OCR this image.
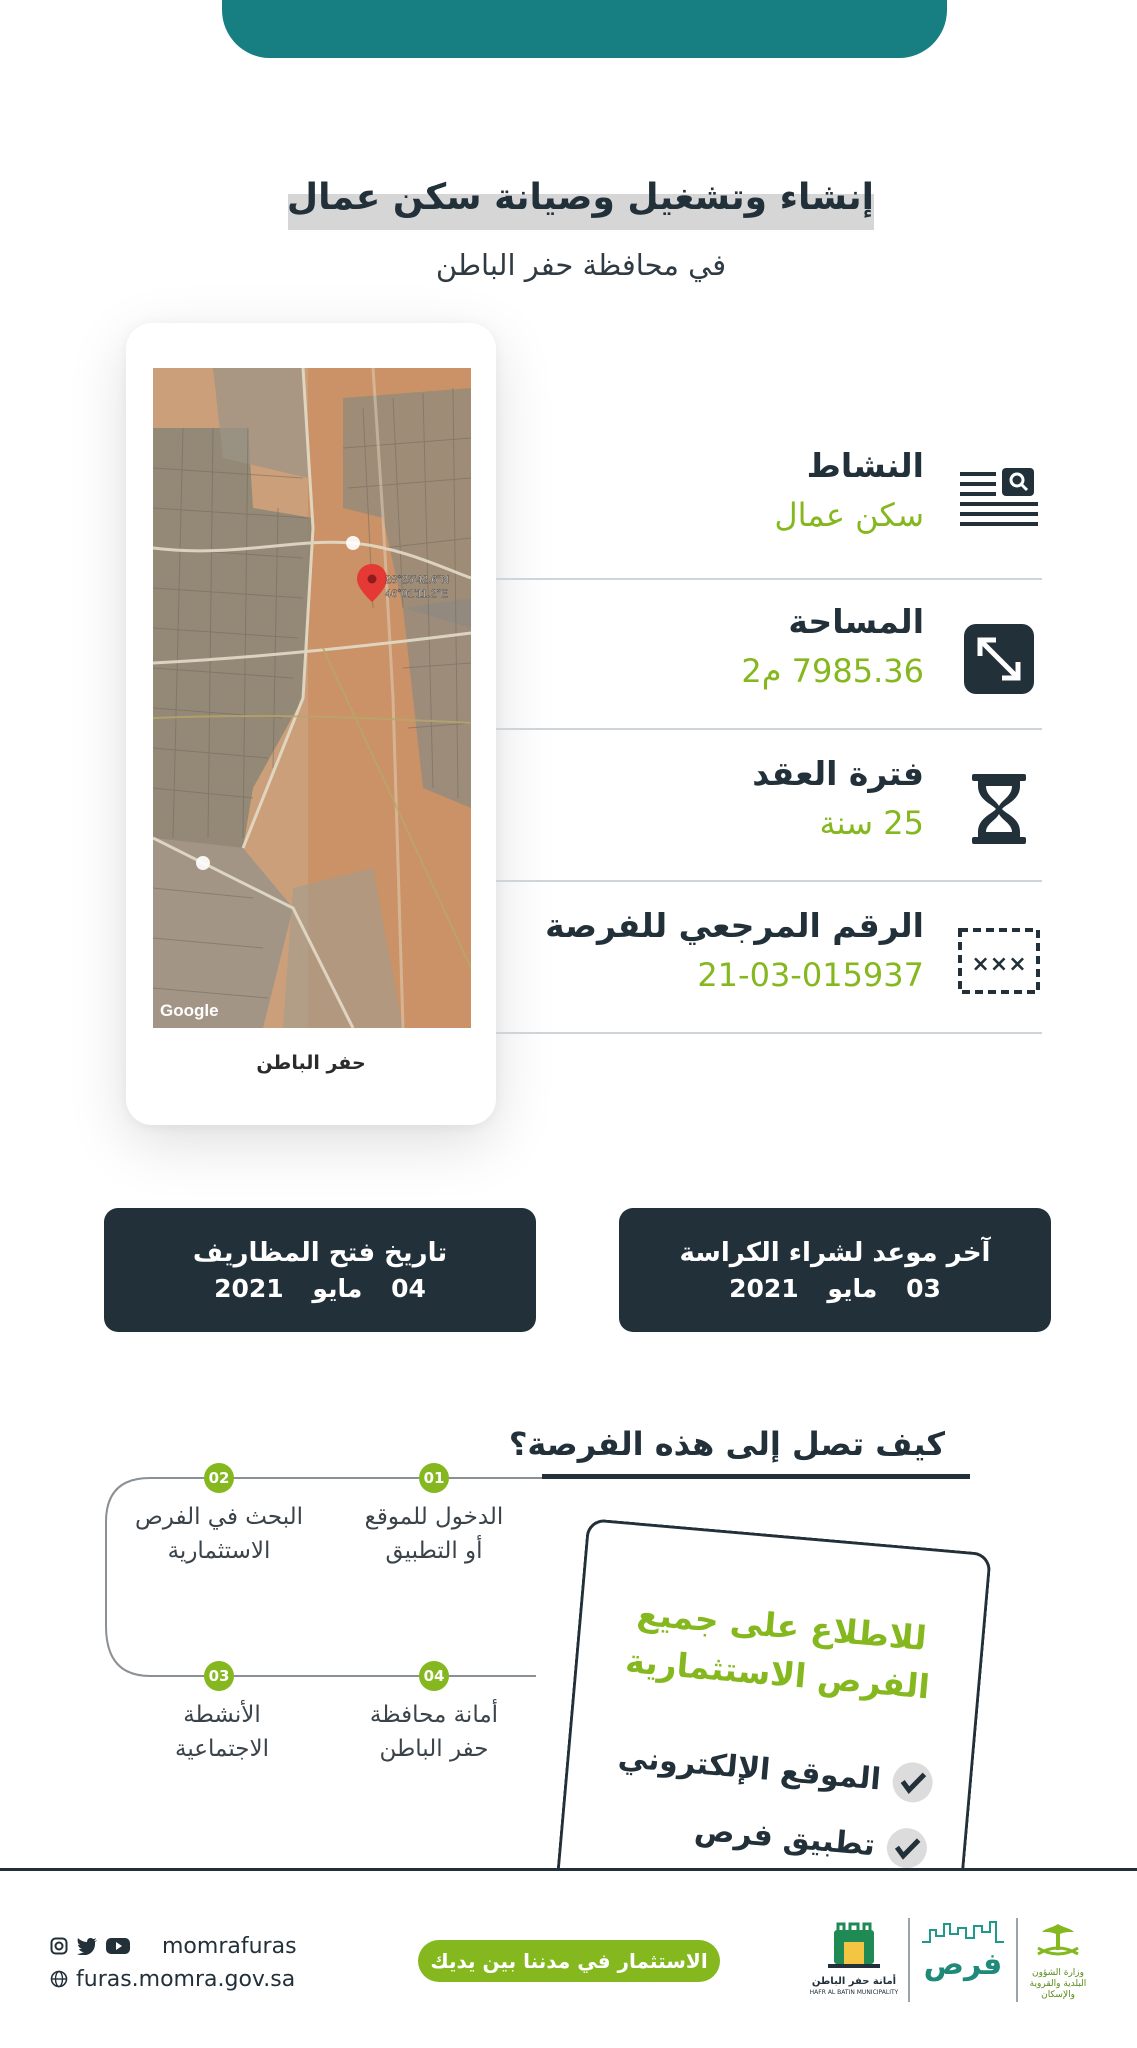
إنشاء وتشغيل وصيانة سكن عمال
في محافظة حفر الباطن
28°25'42.6"N
46°01'11.2"E
Google
حفر الباطن
النشاط
سكن عمال
المساحة
7985.36 م2
فترة العقد
25 سنة
×××
الرقم المرجعي للفرصة
21-03-015937
آخر موعد لشراء الكراسة
03 مايو 2021
تاريخ فتح المظاريف
04 مايو 2021
كيف تصل إلى هذه الفرصة؟
01
الدخول للموقع
أو التطبيق
02
البحث في الفرص
الاستثمارية
03
الأنشطة
الاجتماعية
04
أمانة محافظة
حفر الباطن
للاطلاع على جميع
الفرص الاستثمارية
الموقع الإلكتروني
تطبيق فرص
momrafuras
furas.momra.gov.sa
الاستثمار في مدننا بين يديك
أمانة حفر الباطن
HAFR AL BATIN MUNICIPALITY
فرص	وزارة الشؤون البلدية والقروية والإسكان
